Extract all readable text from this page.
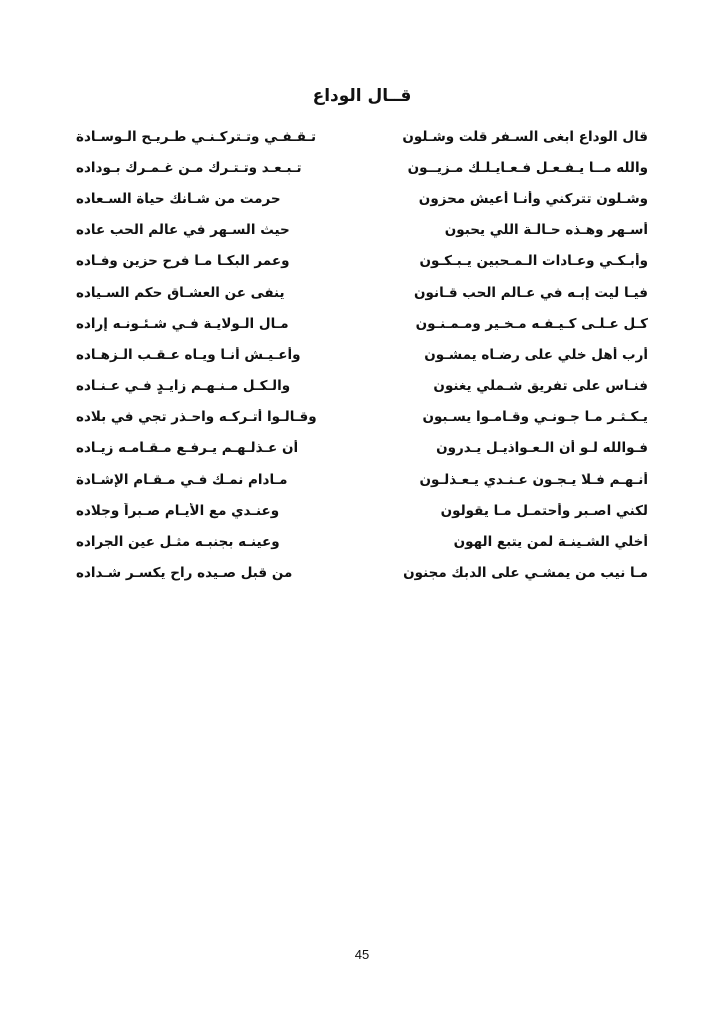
قــال الوداع
قال الوداع ابغى السـفر قلت وشـلون
تـقـفـي وتـتركـنـي طـريـح الـوسـادة
والله مــا يـفـعـل فـعـايـلـك مـزيــون
تـبـعـد وتـتـرك مـن غـمـرك بـوداده
وشـلون تتركني وأنـا أعيش محزون
حرمت من شـانك حياة السـعاده
أسـهر وهـذه حـالـة اللي يحبون
حيث السـهر في عالم الحب عاده
وأبـكـي وعـادات الـمـحبين يـبـكـون
وعمر البكـا مـا فرح حزينٍ وفـاده
فيـا ليت إبـه في عـالم الحب قـانون
ينفى عن العشـاق حكم السـياده
كـل عـلـى كـيـفـه مـخـير ومـمـنـون
مـال الـولايـة فـي شـئـونـه إراده
أرب أهل خلي على رضـاه يمشـون
وأعـيـش أنـا ويـاه عـقـب الـزهـاده
فنـاس على تفريق شـملي يغنون
والـكـل مـنـهـم زايـدٍ فـي عـنـاده
يـكـثـر مـا جـونـي وقـامـوا يسـبون
وقـالـوا أتـركـه واحـذر تجي في بلاده
فـوالله لـو أن الـعـواذيـل يـدرون
أن عـذلـهـم يـرفـع مـقـامـه زيـاده
أنـهـم فـلا يـجـون عـنـدي يـعـذلـون
مـادام نمـك فـي مـقـام الإشـادة
لكني اصـبر وأحتمـل مـا يقولون
وعنـدي مع الأيـام صـبراً وجلاده
أخلي الشـينـة لمن يتبع الهون
وعينـه بجنبـه مثـل عين الجراده
مـا نيب من يمشـي على الدبك مجنون
من قبل صـيده راح يكسـر شـداده
45
